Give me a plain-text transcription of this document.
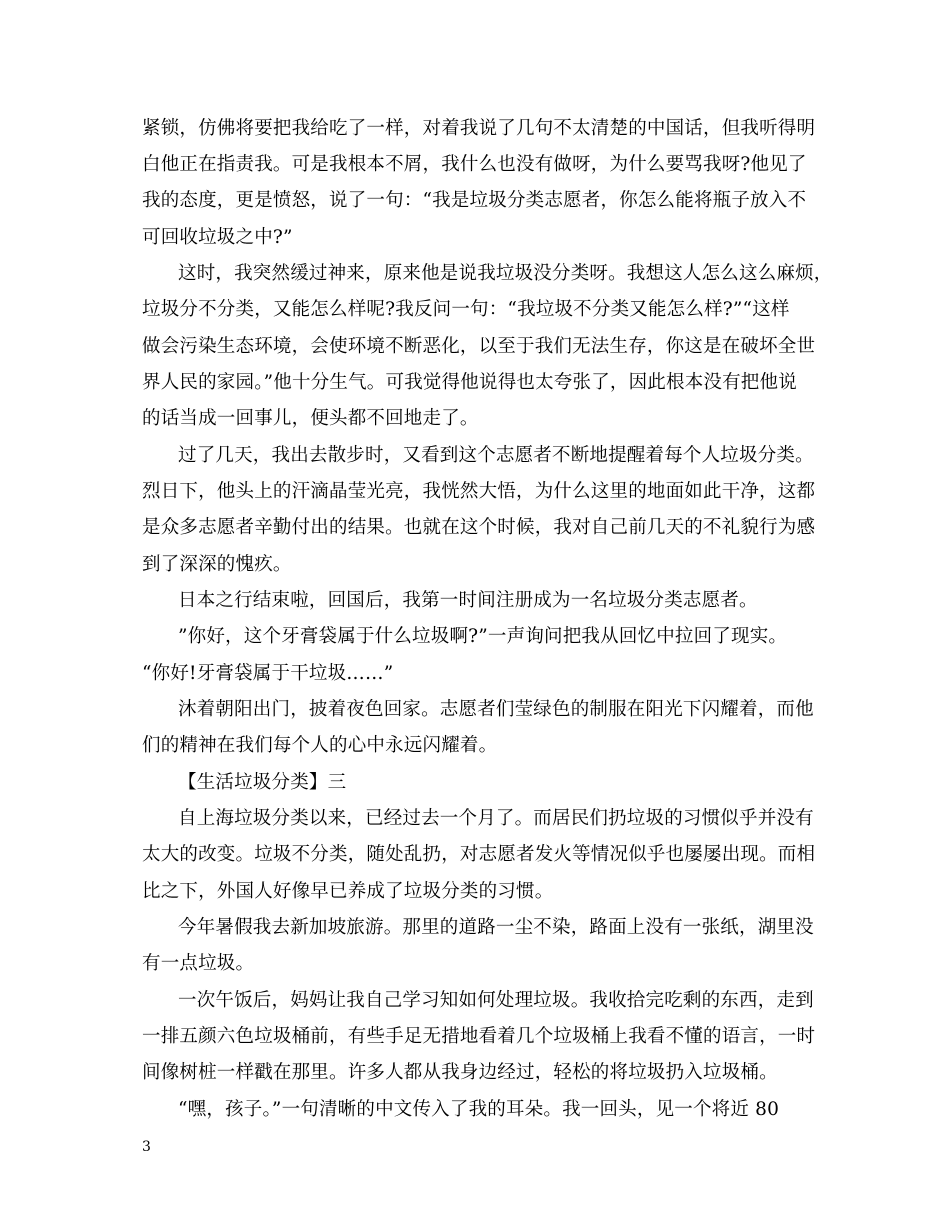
紧锁，仿佛将要把我给吃了一样，对着我说了几句不太清楚的中国话，但我听得明
白他正在指责我。可是我根本不屑，我什么也没有做呀，为什么要骂我呀?他见了
我的态度，更是愤怒，说了一句：“我是垃圾分类志愿者，你怎么能将瓶子放入不
可回收垃圾之中?”
这时，我突然缓过神来，原来他是说我垃圾没分类呀。我想这人怎么这么麻烦，
垃圾分不分类，又能怎么样呢?我反问一句：“我垃圾不分类又能怎么样?”“这样
做会污染生态环境，会使环境不断恶化，以至于我们无法生存，你这是在破坏全世
界人民的家园。”他十分生气。可我觉得他说得也太夸张了，因此根本没有把他说
的话当成一回事儿，便头都不回地走了。
过了几天，我出去散步时，又看到这个志愿者不断地提醒着每个人垃圾分类。
烈日下，他头上的汗滴晶莹光亮，我恍然大悟，为什么这里的地面如此干净，这都
是众多志愿者辛勤付出的结果。也就在这个时候，我对自己前几天的不礼貌行为感
到了深深的愧疚。
日本之行结束啦，回国后，我第一时间注册成为一名垃圾分类志愿者。
”你好，这个牙膏袋属于什么垃圾啊?”一声询问把我从回忆中拉回了现实。
“你好!牙膏袋属于干垃圾……”
沐着朝阳出门，披着夜色回家。志愿者们莹绿色的制服在阳光下闪耀着，而他
们的精神在我们每个人的心中永远闪耀着。
【生活垃圾分类】三
自上海垃圾分类以来，已经过去一个月了。而居民们扔垃圾的习惯似乎并没有
太大的改变。垃圾不分类，随处乱扔，对志愿者发火等情况似乎也屡屡出现。而相
比之下，外国人好像早已养成了垃圾分类的习惯。
今年暑假我去新加坡旅游。那里的道路一尘不染，路面上没有一张纸，湖里没
有一点垃圾。
一次午饭后，妈妈让我自己学习知如何处理垃圾。我收拾完吃剩的东西，走到
一排五颜六色垃圾桶前，有些手足无措地看着几个垃圾桶上我看不懂的语言，一时
间像树桩一样戳在那里。许多人都从我身边经过，轻松的将垃圾扔入垃圾桶。
“嘿，孩子。”一句清晰的中文传入了我的耳朵。我一回头，见一个将近 80
3
